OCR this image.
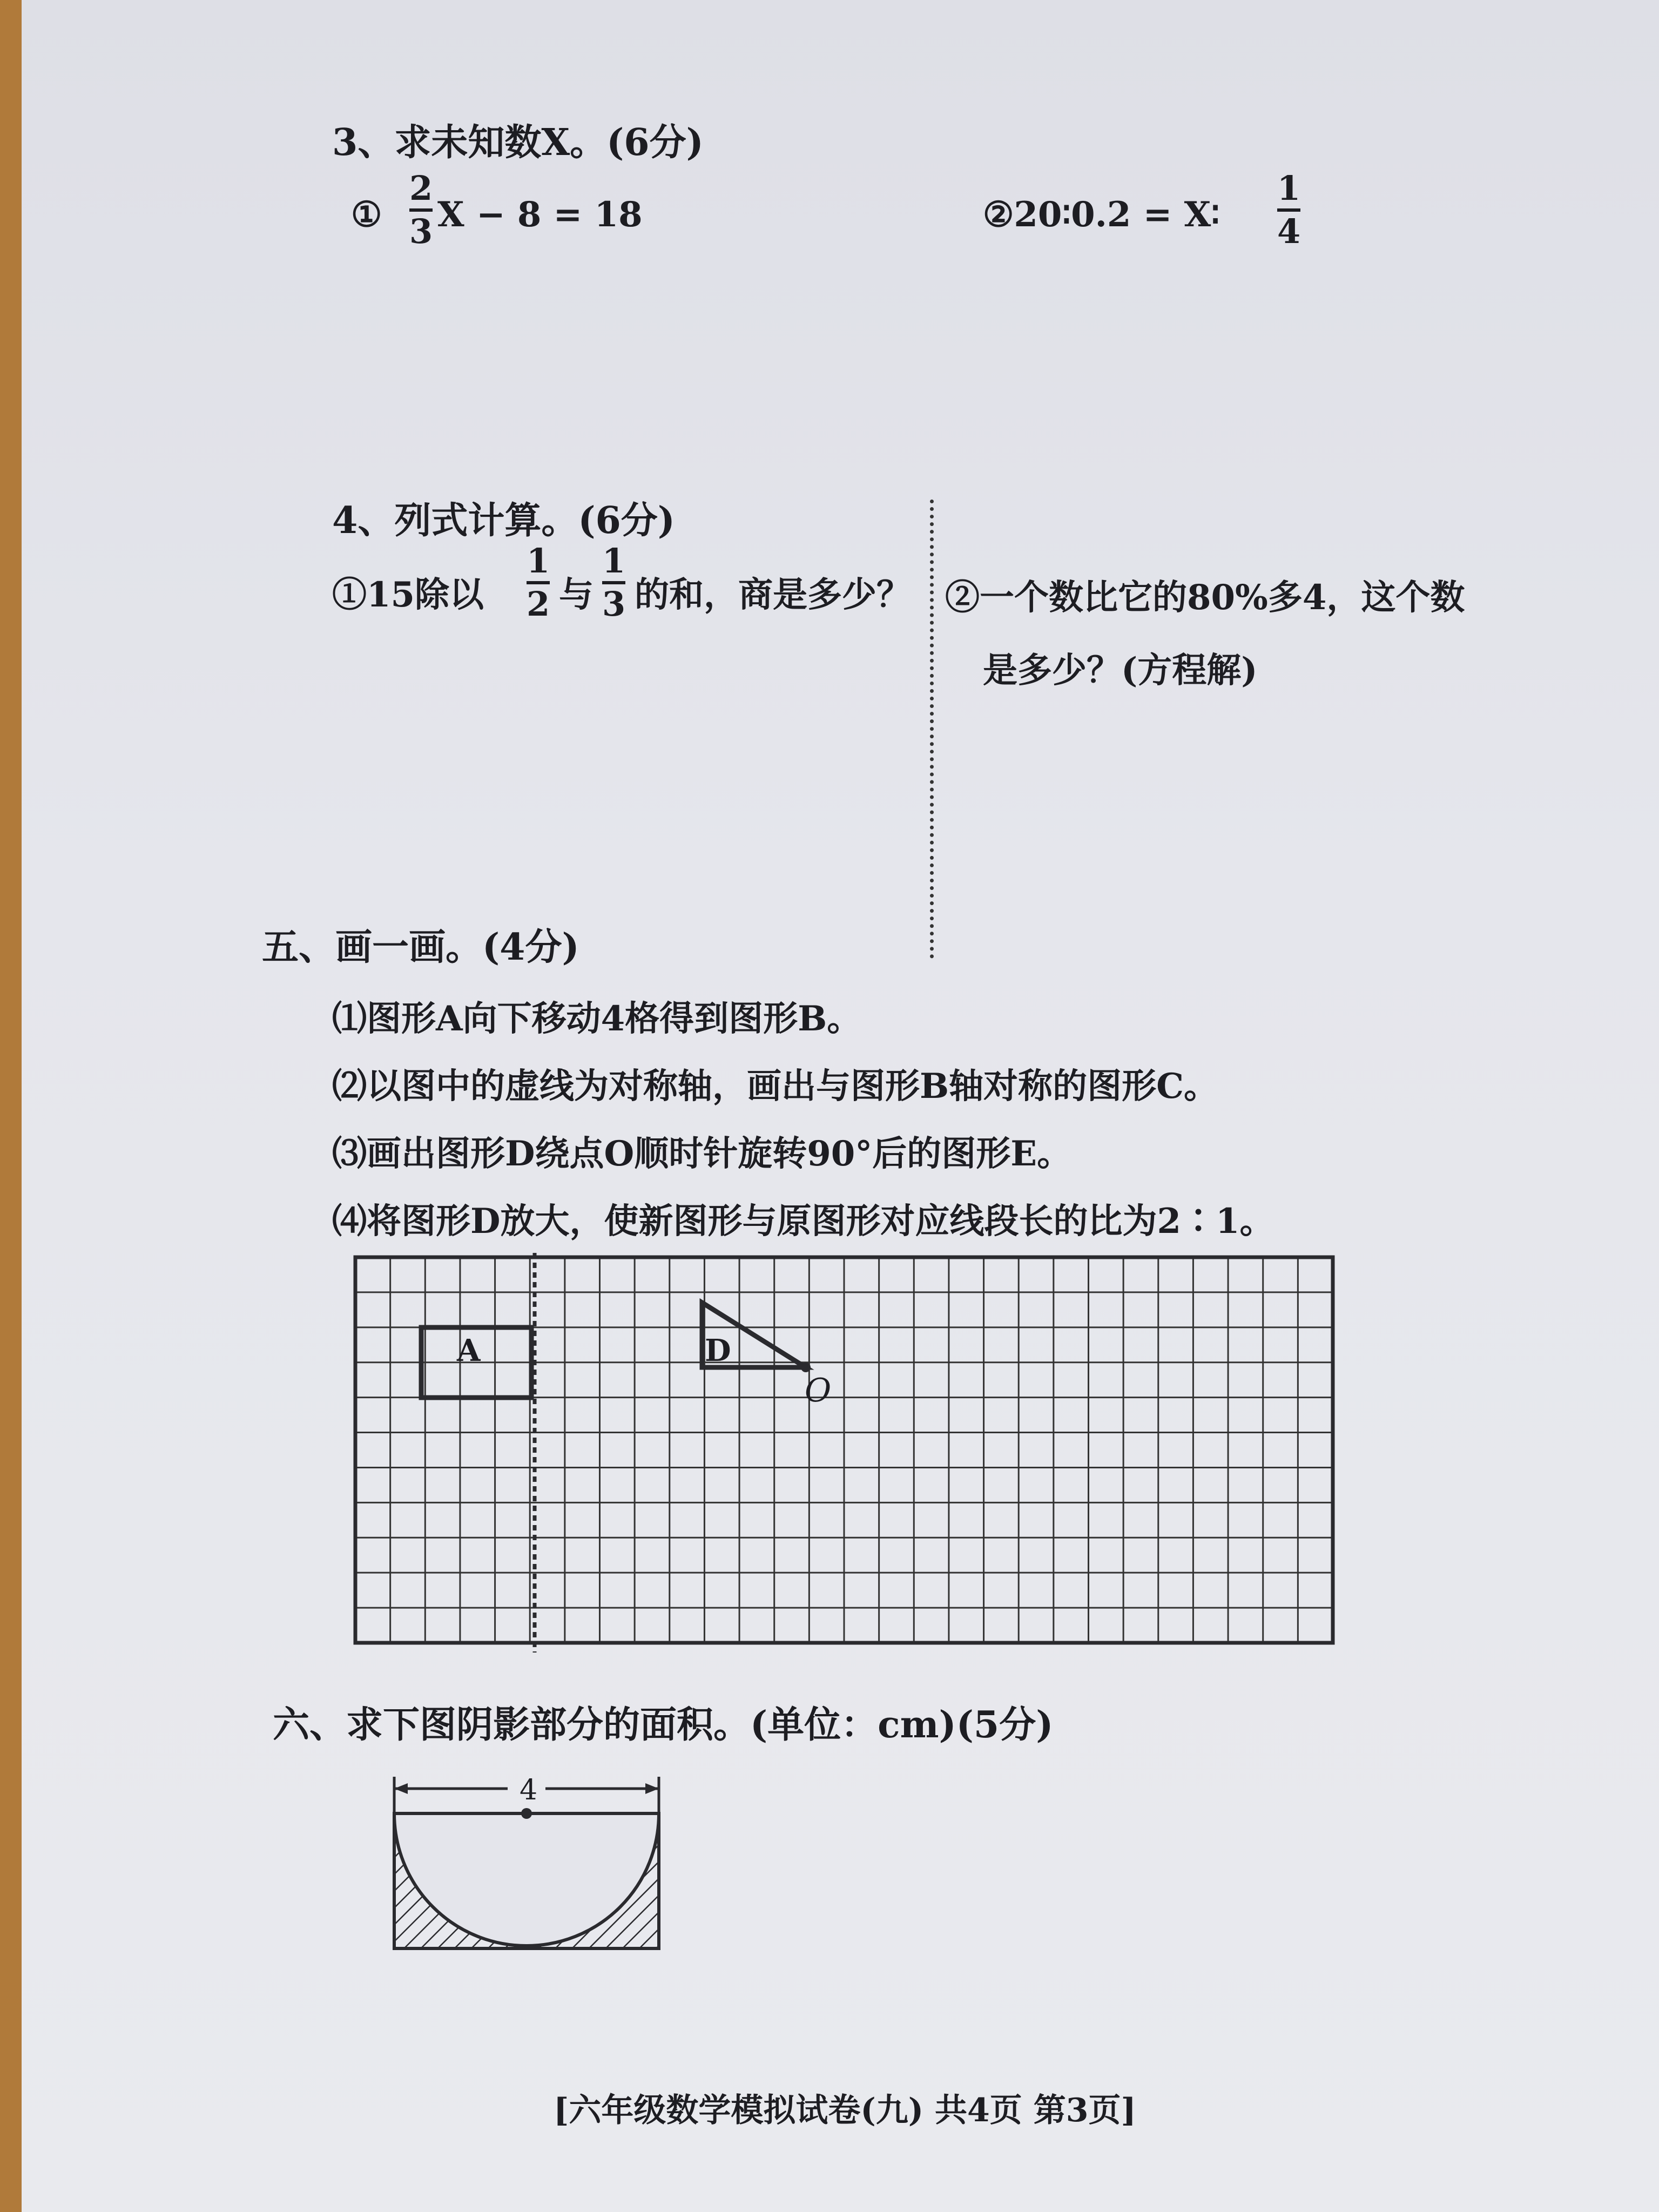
3、求未知数X。(6分)
①
2
3 X − 8 = 18	②20∶0.2 = X∶
1
4
4、列式计算。(6分)
①15除以
1
2 与
1
3 的和，商是多少？ ②一个数比它的80%多4，这个数
是多少？(方程解)
五、画一画。(4分)
⑴图形A向下移动4格得到图形B。
⑵以图中的虚线为对称轴，画出与图形B轴对称的图形C。
⑶画出图形D绕点O顺时针旋转90°后的图形E。
⑷将图形D放大，使新图形与原图形对应线段长的比为2∶1。
A	D
O
六、求下图阴影部分的面积。(单位：cm)(5分)
4
[六年级数学模拟试卷(九) 共4页 第3页]
